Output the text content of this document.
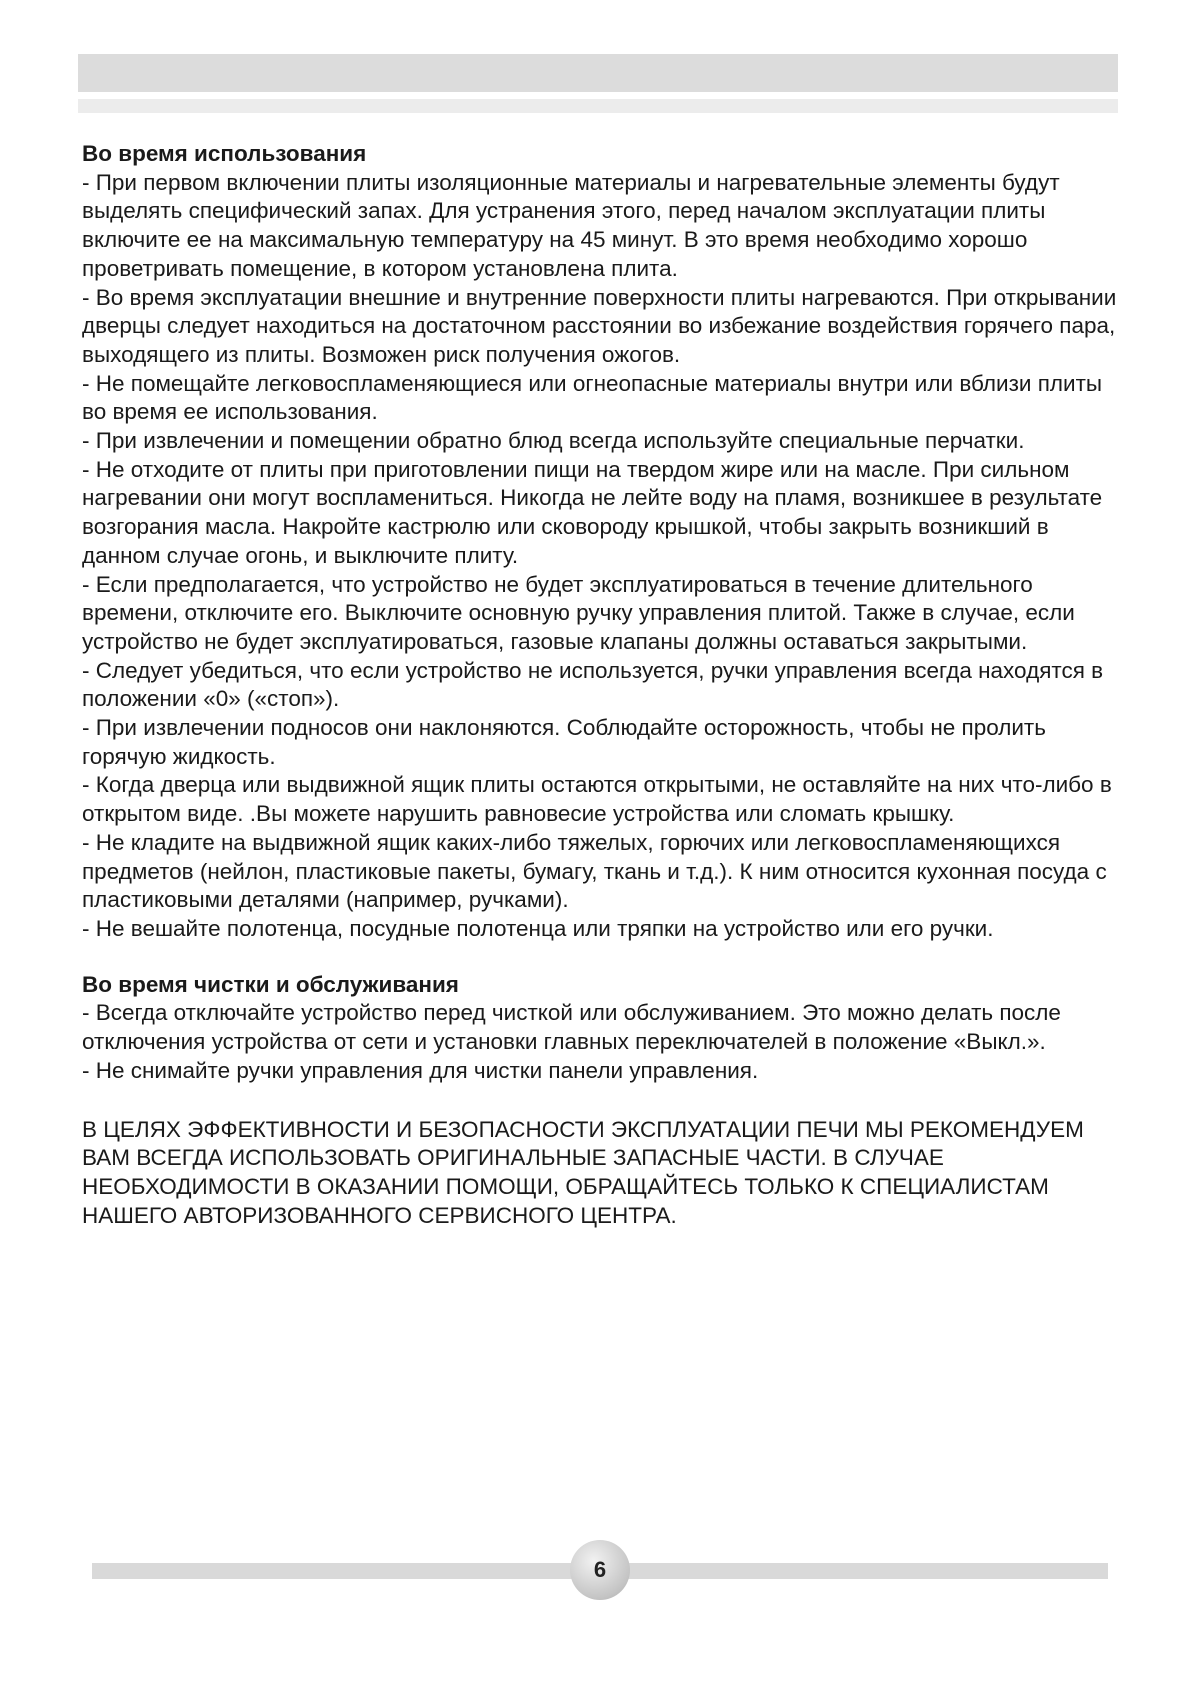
Во время использования

- При первом включении плиты изоляционные материалы и нагревательные элементы будут выделять специфический запах. Для устранения этого, перед началом эксплуатации плиты включите ее на максимальную температуру на 45 минут. В это время необходимо хорошо проветривать помещение, в котором установлена плита.

- Во время эксплуатации внешние и внутренние поверхности плиты нагреваются. При открывании дверцы следует находиться на достаточном расстоянии во избежание воздействия горячего пара, выходящего из плиты. Возможен риск получения ожогов.

- Не помещайте легковоспламеняющиеся или огнеопасные материалы внутри или вблизи плиты во время ее использования.

- При извлечении и помещении обратно блюд всегда используйте специальные перчатки.

- Не отходите от плиты при приготовлении пищи на твердом жире или на масле. При сильном нагревании они могут воспламениться. Никогда не лейте воду на пламя, возникшее в результате возгорания масла. Накройте кастрюлю или сковороду крышкой, чтобы закрыть возникший в данном случае огонь, и выключите плиту.

- Если предполагается, что устройство не будет эксплуатироваться в течение длительного времени, отключите его. Выключите основную ручку управления плитой. Также в случае, если устройство не будет эксплуатироваться, газовые клапаны должны оставаться закрытыми.

- Следует убедиться, что если устройство не используется, ручки управления всегда находятся в положении «0» («стоп»).

- При извлечении подносов они наклоняются. Соблюдайте осторожность, чтобы не пролить горячую жидкость.

- Когда дверца или выдвижной ящик плиты остаются открытыми, не оставляйте на них что-либо в открытом виде. .Вы можете нарушить равновесие устройства или сломать крышку.

- Не кладите на выдвижной ящик каких-либо тяжелых, горючих или легковоспламеняющихся предметов (нейлон, пластиковые пакеты, бумагу, ткань и т.д.). К ним относится кухонная посуда с пластиковыми деталями (например, ручками).

- Не вешайте полотенца, посудные полотенца или тряпки на устройство или его ручки.

Во время чистки и обслуживания

- Всегда отключайте устройство перед чисткой или обслуживанием. Это можно делать после отключения устройства от сети и установки главных переключателей в положение «Выкл.».

- Не снимайте ручки управления для чистки панели управления.

В ЦЕЛЯХ ЭФФЕКТИВНОСТИ И БЕЗОПАСНОСТИ ЭКСПЛУАТАЦИИ ПЕЧИ МЫ РЕКОМЕНДУЕМ ВАМ ВСЕГДА ИСПОЛЬЗОВАТЬ ОРИГИНАЛЬНЫЕ ЗАПАСНЫЕ ЧАСТИ. В СЛУЧАЕ НЕОБХОДИМОСТИ В ОКАЗАНИИ ПОМОЩИ, ОБРАЩАЙТЕСЬ ТОЛЬКО К СПЕЦИАЛИСТАМ НАШЕГО АВТОРИЗОВАННОГО СЕРВИСНОГО ЦЕНТРА.

6
